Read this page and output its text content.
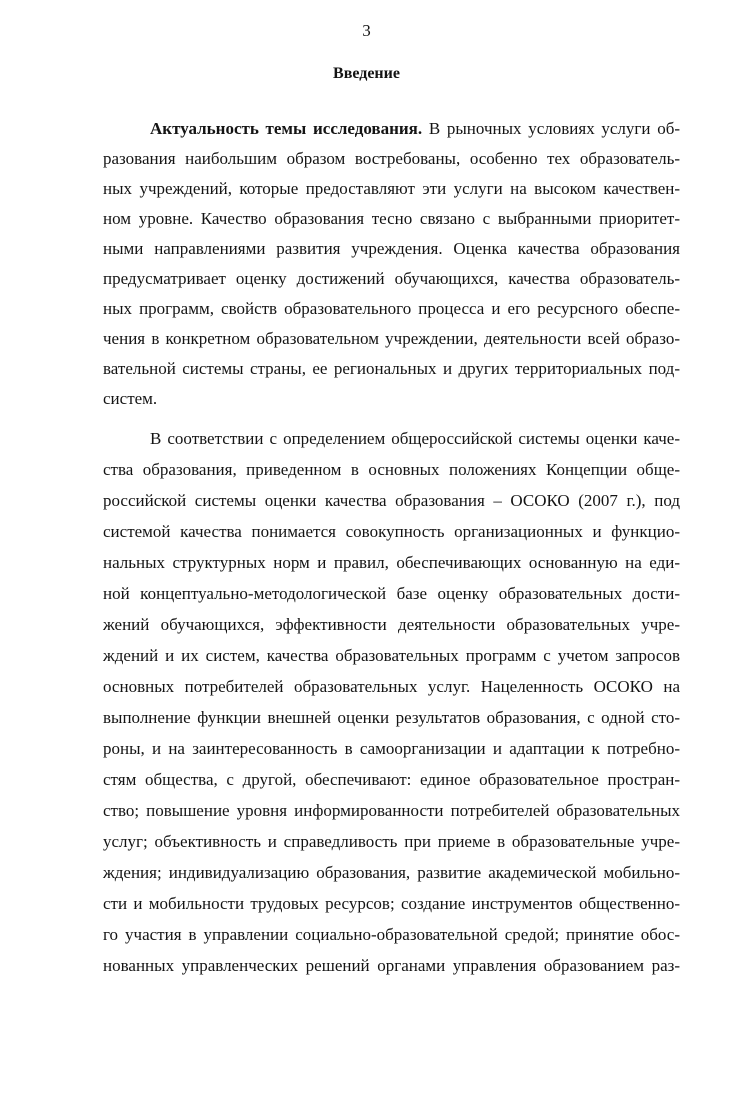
3
Введение
Актуальность темы исследования. В рыночных условиях услуги об-
разования наибольшим образом востребованы, особенно тех образователь-
ных учреждений, которые предоставляют эти услуги на высоком качествен-
ном уровне. Качество образования тесно связано с выбранными приоритет-
ными направлениями развития учреждения. Оценка качества образования
предусматривает оценку достижений обучающихся, качества образователь-
ных программ, свойств образовательного процесса и его ресурсного обеспе-
чения в конкретном образовательном учреждении, деятельности всей образо-
вательной системы страны, ее региональных и других территориальных под-
систем.
В соответствии с определением общероссийской системы оценки каче-
ства образования, приведенном в основных положениях Концепции обще-
российской системы оценки качества образования – ОСОКО (2007 г.), под
системой качества понимается совокупность организационных и функцио-
нальных структурных норм и правил, обеспечивающих основанную на еди-
ной концептуально-методологической базе оценку образовательных дости-
жений обучающихся, эффективности деятельности образовательных учре-
ждений и их систем, качества образовательных программ с учетом запросов
основных потребителей образовательных услуг. Нацеленность ОСОКО на
выполнение функции внешней оценки результатов образования, с одной сто-
роны, и на заинтересованность в самоорганизации и адаптации к потребно-
стям общества, с другой, обеспечивают: единое образовательное простран-
ство; повышение уровня информированности потребителей образовательных
услуг; объективность и справедливость при приеме в образовательные учре-
ждения; индивидуализацию образования, развитие академической мобильно-
сти и мобильности трудовых ресурсов; создание инструментов общественно-
го участия в управлении социально-образовательной средой; принятие обос-
нованных управленческих решений органами управления образованием раз-
